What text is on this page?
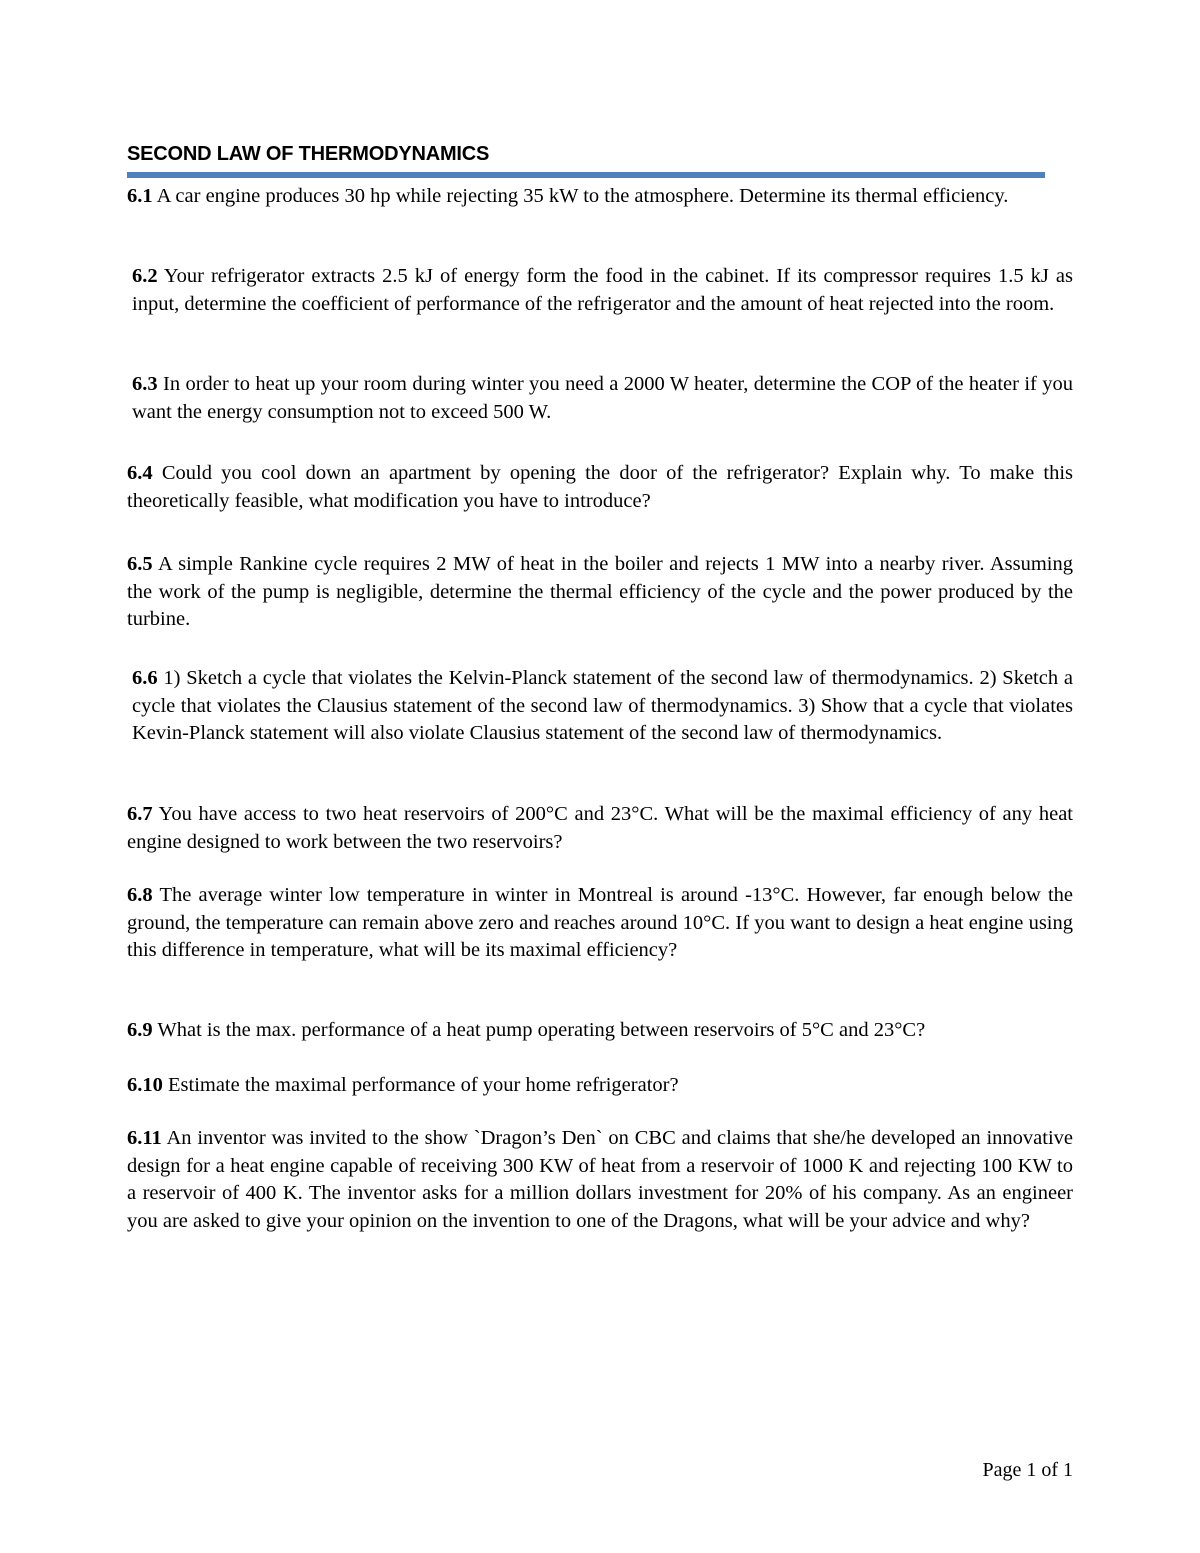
SECOND LAW OF THERMODYNAMICS

6.1 A car engine produces 30 hp while rejecting 35 kW to the atmosphere. Determine its thermal efficiency.

6.2 Your refrigerator extracts 2.5 kJ of energy form the food in the cabinet. If its compressor requires 1.5 kJ as input, determine the coefficient of performance of the refrigerator and the amount of heat rejected into the room.

6.3 In order to heat up your room during winter you need a 2000 W heater, determine the COP of the heater if you want the energy consumption not to exceed 500 W.

6.4 Could you cool down an apartment by opening the door of the refrigerator? Explain why. To make this theoretically feasible, what modification you have to introduce?

6.5 A simple Rankine cycle requires 2 MW of heat in the boiler and rejects 1 MW into a nearby river. Assuming the work of the pump is negligible, determine the thermal efficiency of the cycle and the power produced by the turbine.

6.6 1) Sketch a cycle that violates the Kelvin-Planck statement of the second law of thermodynamics. 2) Sketch a cycle that violates the Clausius statement of the second law of thermodynamics. 3) Show that a cycle that violates Kevin-Planck statement will also violate Clausius statement of the second law of thermodynamics.

6.7 You have access to two heat reservoirs of 200°C and 23°C. What will be the maximal efficiency of any heat engine designed to work between the two reservoirs?

6.8 The average winter low temperature in winter in Montreal is around -13°C. However, far enough below the ground, the temperature can remain above zero and reaches around 10°C. If you want to design a heat engine using this difference in temperature, what will be its maximal efficiency?

6.9 What is the max. performance of a heat pump operating between reservoirs of 5°C and 23°C?

6.10 Estimate the maximal performance of your home refrigerator?

6.11 An inventor was invited to the show `Dragon’s Den` on CBC and claims that she/he developed an innovative design for a heat engine capable of receiving 300 KW of heat from a reservoir of 1000 K and rejecting 100 KW to a reservoir of 400 K. The inventor asks for a million dollars investment for 20% of his company. As an engineer you are asked to give your opinion on the invention to one of the Dragons, what will be your advice and why?

Page 1 of 1
